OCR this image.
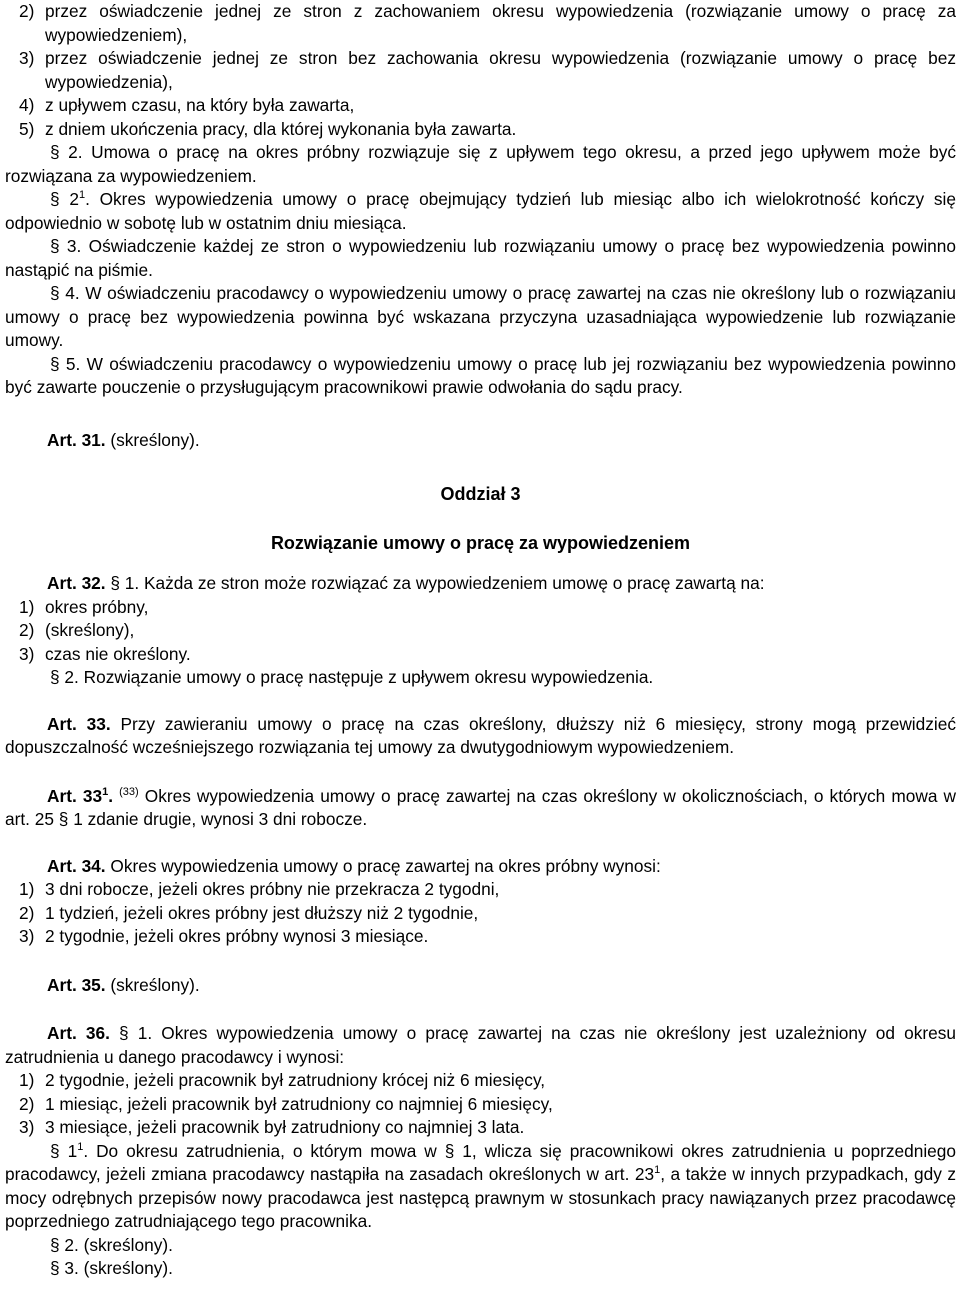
2) przez oświadczenie jednej ze stron z zachowaniem okresu wypowiedzenia (rozwiązanie umowy o pracę za wypowiedzeniem),
3) przez oświadczenie jednej ze stron bez zachowania okresu wypowiedzenia (rozwiązanie umowy o pracę bez wypowiedzenia),
4) z upływem czasu, na który była zawarta,
5) z dniem ukończenia pracy, dla której wykonania była zawarta.

§ 2. Umowa o pracę na okres próbny rozwiązuje się z upływem tego okresu, a przed jego upływem może być rozwiązana za wypowiedzeniem.

§ $2^1$. Okres wypowiedzenia umowy o pracę obejmujący tydzień lub miesiąc albo ich wielokrotność kończy się odpowiednio w sobotę lub w ostatnim dniu miesiąca.

§ 3. Oświadczenie każdej ze stron o wypowiedzeniu lub rozwiązaniu umowy o pracę bez wypowiedzenia powinno nastąpić na piśmie.

§ 4. W oświadczeniu pracodawcy o wypowiedzeniu umowy o pracę zawartej na czas nie określony lub o rozwiązaniu umowy o pracę bez wypowiedzenia powinna być wskazana przyczyna uzasadniająca wypowiedzenie lub rozwiązanie umowy.

§ 5. W oświadczeniu pracodawcy o wypowiedzeniu umowy o pracę lub jej rozwiązaniu bez wypowiedzenia powinno być zawarte pouczenie o przysługującym pracownikowi prawie odwołania do sądu pracy.

Art. 31. (skreślony).

Oddział 3

Rozwiązanie umowy o pracę za wypowiedzeniem

Art. 32. § 1. Każda ze stron może rozwiązać za wypowiedzeniem umowę o pracę zawartą na:

1) okres próbny,
2) (skreślony),
3) czas nie określony.

§ 2. Rozwiązanie umowy o pracę następuje z upływem okresu wypowiedzenia.

Art. 33. Przy zawieraniu umowy o pracę na czas określony, dłuższy niż 6 miesięcy, strony mogą przewidzieć dopuszczalność wcześniejszego rozwiązania tej umowy za dwutygodniowym wypowiedzeniem.

Art. $33^1$. $^{(33)}$ Okres wypowiedzenia umowy o pracę zawartej na czas określony w okolicznościach, o których mowa w art. 25 § 1 zdanie drugie, wynosi 3 dni robocze.

Art. 34. Okres wypowiedzenia umowy o pracę zawartej na okres próbny wynosi:

1) 3 dni robocze, jeżeli okres próbny nie przekracza 2 tygodni,
2) 1 tydzień, jeżeli okres próbny jest dłuższy niż 2 tygodnie,
3) 2 tygodnie, jeżeli okres próbny wynosi 3 miesiące.

Art. 35. (skreślony).

Art. 36. § 1. Okres wypowiedzenia umowy o pracę zawartej na czas nie określony jest uzależniony od okresu zatrudnienia u danego pracodawcy i wynosi:

1) 2 tygodnie, jeżeli pracownik był zatrudniony krócej niż 6 miesięcy,
2) 1 miesiąc, jeżeli pracownik był zatrudniony co najmniej 6 miesięcy,
3) 3 miesiące, jeżeli pracownik był zatrudniony co najmniej 3 lata.

§ $1^1$. Do okresu zatrudnienia, o którym mowa w § 1, wlicza się pracownikowi okres zatrudnienia u poprzedniego pracodawcy, jeżeli zmiana pracodawcy nastąpiła na zasadach określonych w art. $23^1$, a także w innych przypadkach, gdy z mocy odrębnych przepisów nowy pracodawca jest następcą prawnym w stosunkach pracy nawiązanych przez pracodawcę poprzedniego zatrudniającego tego pracownika.

§ 2. (skreślony).

§ 3. (skreślony).
